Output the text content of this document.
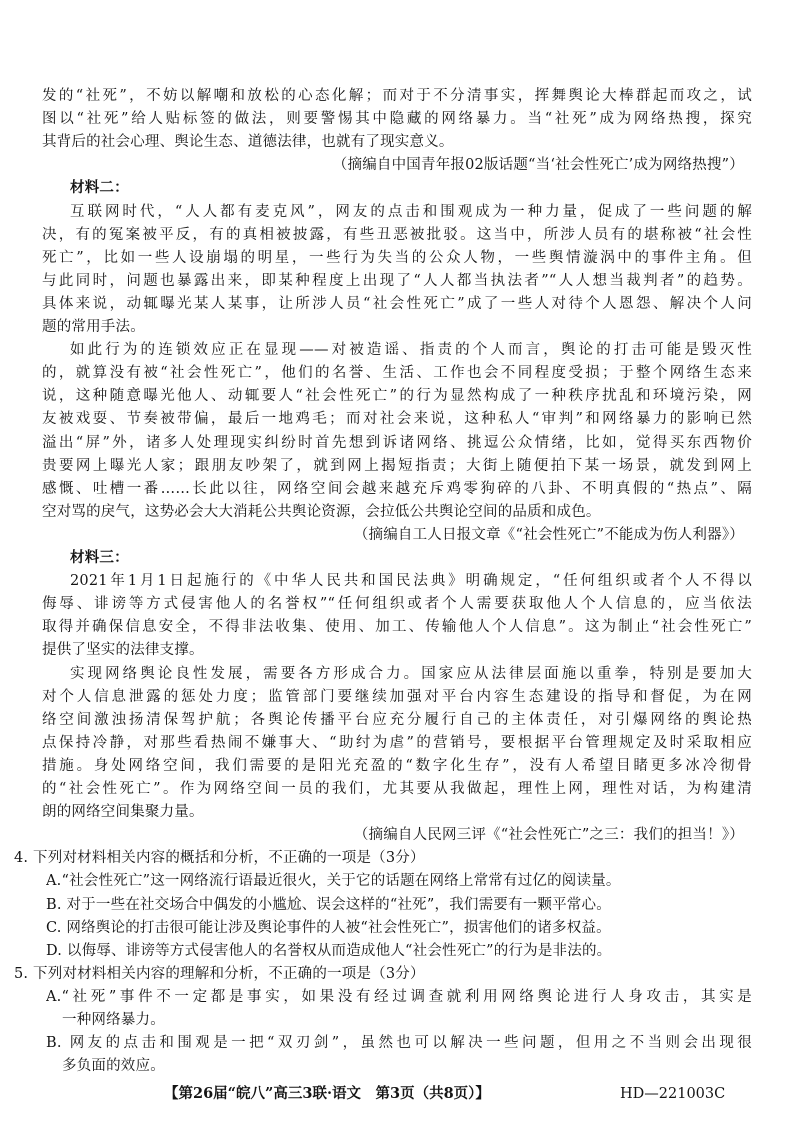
发的“社死”，不妨以解嘲和放松的心态化解；而对于不分清事实，挥舞舆论大棒群起而攻之，试
图以“社死”给人贴标签的做法，则要警惕其中隐藏的网络暴力。当“社死”成为网络热搜，探究
其背后的社会心理、舆论生态、道德法律，也就有了现实意义。
（摘编自中国青年报02版话题“当‘社会性死亡’成为网络热搜”）
材料二：
互联网时代，“人人都有麦克风”，网友的点击和围观成为一种力量，促成了一些问题的解
决，有的冤案被平反，有的真相被披露，有些丑恶被批驳。这当中，所涉人员有的堪称被“社会性
死亡”，比如一些人设崩塌的明星，一些行为失当的公众人物，一些舆情漩涡中的事件主角。但
与此同时，问题也暴露出来，即某种程度上出现了“人人都当执法者”“人人想当裁判者”的趋势。
具体来说，动辄曝光某人某事，让所涉人员“社会性死亡”成了一些人对待个人恩怨、解决个人问
题的常用手法。
如此行为的连锁效应正在显现——对被造谣、指责的个人而言，舆论的打击可能是毁灭性
的，就算没有被“社会性死亡”，他们的名誉、生活、工作也会不同程度受损；于整个网络生态来
说，这种随意曝光他人、动辄要人“社会性死亡”的行为显然构成了一种秩序扰乱和环境污染，网
友被戏耍、节奏被带偏，最后一地鸡毛；而对社会来说，这种私人“审判”和网络暴力的影响已然
溢出“屏”外，诸多人处理现实纠纷时首先想到诉诸网络、挑逗公众情绪，比如，觉得买东西物价
贵要网上曝光人家；跟朋友吵架了，就到网上揭短指责；大街上随便拍下某一场景，就发到网上
感慨、吐槽一番……长此以往，网络空间会越来越充斥鸡零狗碎的八卦、不明真假的“热点”、隔
空对骂的戾气，这势必会大大消耗公共舆论资源，会拉低公共舆论空间的品质和成色。
（摘编自工人日报文章《“社会性死亡”不能成为伤人利器》）
材料三：
2021年1月1日起施行的《中华人民共和国民法典》明确规定，“任何组织或者个人不得以
侮辱、诽谤等方式侵害他人的名誉权”“任何组织或者个人需要获取他人个人信息的，应当依法
取得并确保信息安全，不得非法收集、使用、加工、传输他人个人信息”。这为制止“社会性死亡”
提供了坚实的法律支撑。
实现网络舆论良性发展，需要各方形成合力。国家应从法律层面施以重拳，特别是要加大
对个人信息泄露的惩处力度；监管部门要继续加强对平台内容生态建设的指导和督促，为在网
络空间激浊扬清保驾护航；各舆论传播平台应充分履行自己的主体责任，对引爆网络的舆论热
点保持冷静，对那些看热闹不嫌事大、“助纣为虐”的营销号，要根据平台管理规定及时采取相应
措施。身处网络空间，我们需要的是阳光充盈的“数字化生存”，没有人希望目睹更多冰冷彻骨
的“社会性死亡”。作为网络空间一员的我们，尤其要从我做起，理性上网，理性对话，为构建清
朗的网络空间集聚力量。
（摘编自人民网三评《“社会性死亡”之三：我们的担当！》）
4. 下列对材料相关内容的概括和分析，不正确的一项是（3分）
A.“社会性死亡”这一网络流行语最近很火，关于它的话题在网络上常常有过亿的阅读量。
B. 对于一些在社交场合中偶发的小尴尬、误会这样的“社死”，我们需要有一颗平常心。
C. 网络舆论的打击很可能让涉及舆论事件的人被“社会性死亡”，损害他们的诸多权益。
D. 以侮辱、诽谤等方式侵害他人的名誉权从而造成他人“社会性死亡”的行为是非法的。
5. 下列对材料相关内容的理解和分析，不正确的一项是（3分）
A.“社死”事件不一定都是事实，如果没有经过调查就利用网络舆论进行人身攻击，其实是
一种网络暴力。
B. 网友的点击和围观是一把“双刃剑”，虽然也可以解决一些问题，但用之不当则会出现很
多负面的效应。
【第26届“皖八”高三3联·语文　第3页（共8页）】	HD—221003C
